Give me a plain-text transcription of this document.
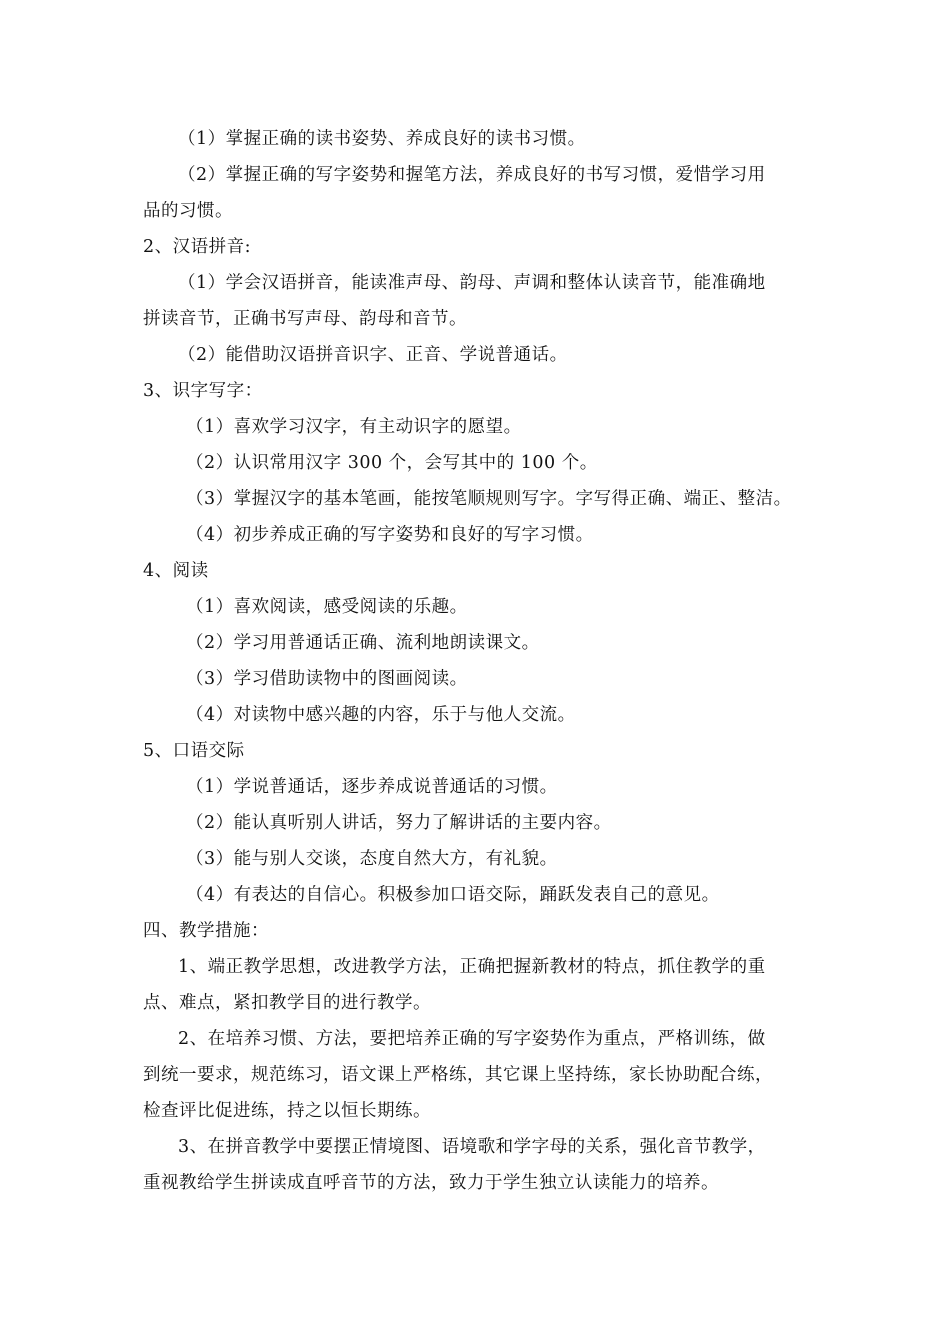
（1）掌握正确的读书姿势、养成良好的读书习惯。
（2）掌握正确的写字姿势和握笔方法，养成良好的书写习惯，爱惜学习用
品的习惯。
2、汉语拼音:
（1）学会汉语拼音，能读准声母、韵母、声调和整体认读音节，能准确地
拼读音节，正确书写声母、韵母和音节。
（2）能借助汉语拼音识字、正音、学说普通话。
3、识字写字：
（1）喜欢学习汉字，有主动识字的愿望。
（2）认识常用汉字 300 个，会写其中的 100 个。
（3）掌握汉字的基本笔画，能按笔顺规则写字。字写得正确、端正、整洁。
（4）初步养成正确的写字姿势和良好的写字习惯。
4、阅读
（1）喜欢阅读，感受阅读的乐趣。
（2）学习用普通话正确、流利地朗读课文。
（3）学习借助读物中的图画阅读。
（4）对读物中感兴趣的内容，乐于与他人交流。
5、口语交际
（1）学说普通话，逐步养成说普通话的习惯。
（2）能认真听别人讲话，努力了解讲话的主要内容。
（3）能与别人交谈，态度自然大方，有礼貌。
（4）有表达的自信心。积极参加口语交际，踊跃发表自己的意见。
四、教学措施：
1、端正教学思想，改进教学方法，正确把握新教材的特点，抓住教学的重
点、难点，紧扣教学目的进行教学。
2、在培养习惯、方法，要把培养正确的写字姿势作为重点，严格训练，做
到统一要求，规范练习，语文课上严格练，其它课上坚持练，家长协助配合练，
检查评比促进练，持之以恒长期练。
3、在拼音教学中要摆正情境图、语境歌和学字母的关系，强化音节教学，
重视教给学生拼读成直呼音节的方法，致力于学生独立认读能力的培养。
